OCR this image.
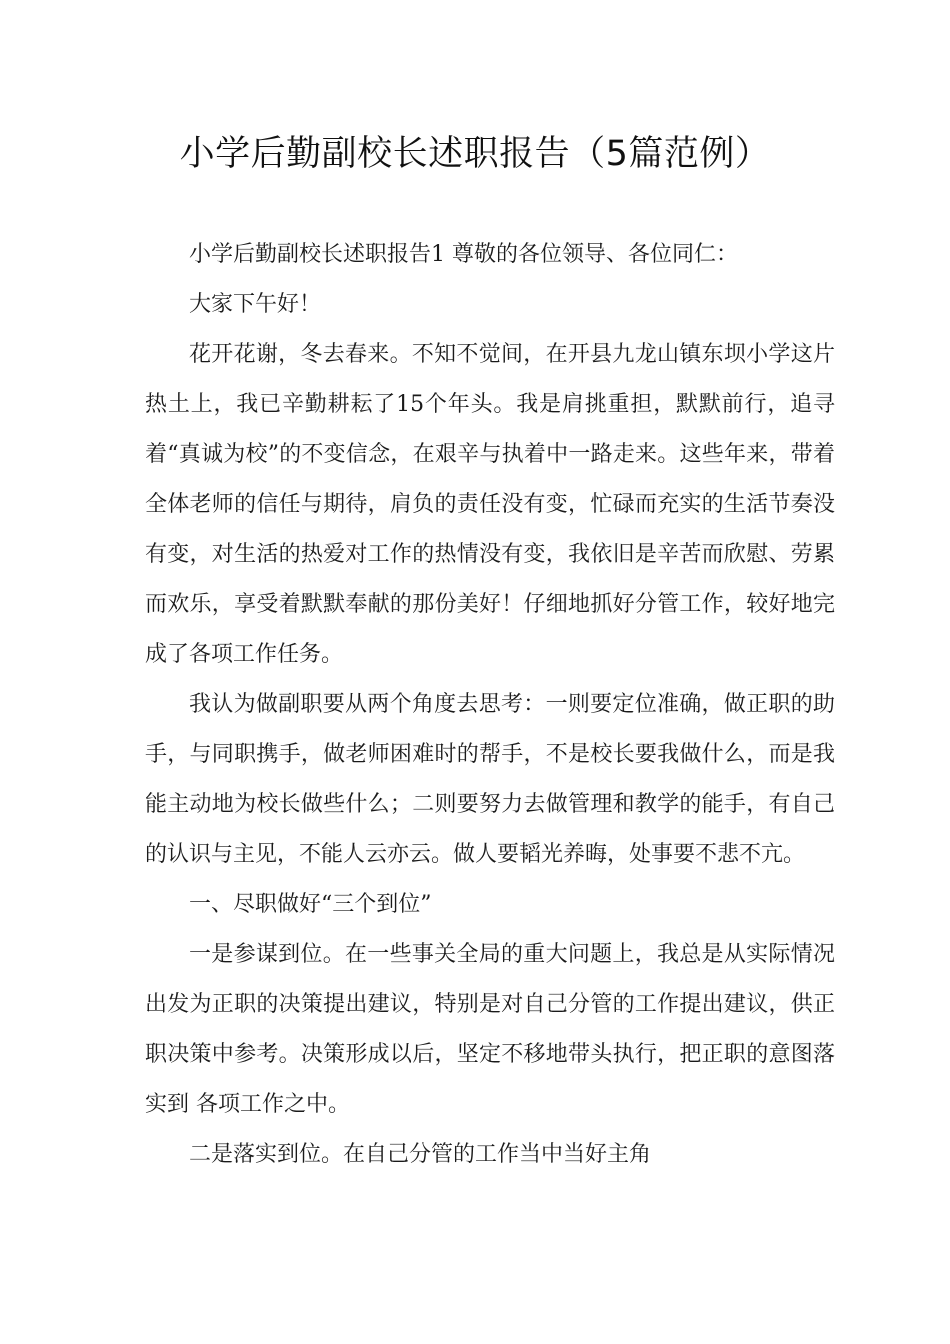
小学后勤副校长述职报告（5篇范例）

小学后勤副校长述职报告1 尊敬的各位领导、各位同仁：

大家下午好！

花开花谢，冬去春来。不知不觉间，在开县九龙山镇东坝小学这片热土上，我已辛勤耕耘了15个年头。我是肩挑重担，默默前行，追寻着“真诚为校”的不变信念，在艰辛与执着中一路走来。这些年来，带着全体老师的信任与期待，肩负的责任没有变，忙碌而充实的生活节奏没有变，对生活的热爱对工作的热情没有变，我依旧是辛苦而欣慰、劳累而欢乐，享受着默默奉献的那份美好！仔细地抓好分管工作，较好地完成了各项工作任务。

我认为做副职要从两个角度去思考：一则要定位准确，做正职的助手，与同职携手，做老师困难时的帮手，不是校长要我做什么，而是我能主动地为校长做些什么；二则要努力去做管理和教学的能手，有自己的认识与主见，不能人云亦云。做人要韬光养晦，处事要不悲不亢。

一、尽职做好“三个到位”

一是参谋到位。在一些事关全局的重大问题上，我总是从实际情况出发为正职的决策提出建议，特别是对自己分管的工作提出建议，供正职决策中参考。决策形成以后，坚定不移地带头执行，把正职的意图落实到 各项工作之中。

二是落实到位。在自己分管的工作当中当好主角
